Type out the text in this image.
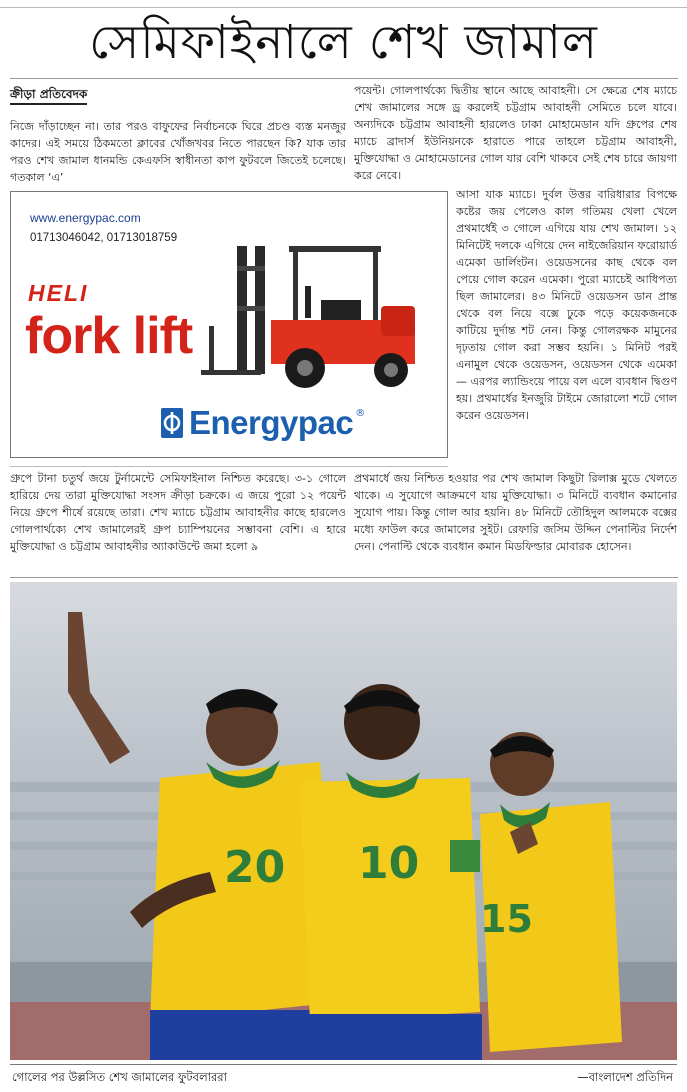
সেমিফাইনালে শেখ জামাল
ক্রীড়া প্রতিবেদক
নিজে দাঁড়াচ্ছেন না। তার পরও বাফুফের নির্বাচনকে ঘিরে প্রচণ্ড ব্যস্ত মনজুর কাদের। এই সময়ে ঠিকমতো ক্লাবের খোঁজখবর নিতে পারছেন কি? যাক তার পরও শেখ জামাল ধানমন্ডি কেএফসি স্বাধীনতা কাপ ফুটবলে জিতেই চলেছে। গতকাল ‘এ’
পয়েন্ট। গোলপার্থক্যে দ্বিতীয় স্থানে আছে আবাহনী। সে ক্ষেত্রে শেষ ম্যাচে শেখ জামালের সঙ্গে ড্র করলেই চট্টগ্রাম আবাহনী সেমিতে চলে যাবে। অন্যদিকে চট্টগ্রাম আবাহনী হারলেও ঢাকা মোহামেডান যদি গ্রুপের শেষ ম্যাচে ব্রাদার্স ইউনিয়নকে হারাতে পারে তাহলে চট্টগ্রাম আবাহনী, মুক্তিযোদ্ধা ও মোহামেডানের গোল যার বেশি থাকবে সেই শেষ চারে জায়গা করে নেবে।
আসা যাক ম্যাচে। দুর্বল উত্তর বারিধারার বিপক্ষে কষ্টের জয় পেলেও কাল গতিময় খেলা খেলে প্রথমার্ধেই ৩ গোলে এগিয়ে যায় শেখ জামাল। ১২ মিনিটেই দলকে এগিয়ে দেন নাইজেরিয়ান ফরোয়ার্ড এমেকা ডার্লিংটন। ওয়েডসনের কাছ থেকে বল পেয়ে গোল করেন এমেকা। পুরো ম্যাচেই আধিপত্য ছিল জামালের। ৪৩ মিনিটে ওয়েডসন ডান প্রান্ত থেকে বল নিয়ে বক্সে ঢুকে পড়ে কয়েকজনকে কাটিয়ে দুর্দান্ত শট নেন। কিন্তু গোলরক্ষক মামুনের দৃঢ়তায় গোল করা সম্ভব হয়নি। ১ মিনিট পরই এনামুল থেকে ওয়েডসন, ওয়েডসন থেকে এমেকা— এরপর ল্যান্ডিংয়ে পায়ে বল এলে ব্যবধান দ্বিগুণ হয়। প্রথমার্ধের ইনজুরি টাইমে জোরালো শটে গোল করেন ওয়েডসন।
www.energypac.com
01713046042, 01713018759
HELI
fork lift
Energypac ®
গ্রুপে টানা চতুর্থ জয়ে টুর্নামেন্টে সেমিফাইনাল নিশ্চিত করেছে। ৩-১ গোলে হারিয়ে দেয় তারা মুক্তিযোদ্ধা সংসদ ক্রীড়া চক্রকে। এ জয়ে পুরো ১২ পয়েন্ট নিয়ে গ্রুপে শীর্ষে রয়েছে তারা। শেখ ম্যাচে চট্টগ্রাম আবাহনীর কাছে হারলেও গোলপার্থক্যে শেখ জামালেরই গ্রুপ চ্যাম্পিয়নের সম্ভাবনা বেশি। এ হারে মুক্তিযোদ্ধা ও চট্টগ্রাম আবাহনীর অ্যাকাউন্টে জমা হলো ৯
প্রথমার্ধে জয় নিশ্চিত হওয়ার পর শেখ জামাল কিছুটা রিলাক্স মুডে খেলতে থাকে। এ সুযোগে আক্রমণে যায় মুক্তিযোদ্ধা। ৩ মিনিটে ব্যবধান কমানোর সুযোগ পায়। কিন্তু গোল আর হয়নি। ৪৮ মিনিটে তৌহিদুল আলমকে বক্সের মধ্যে ফাউল করে জামালের সুইট। রেফারি জসিম উদ্দিন পেনাল্টির নির্দেশ দেন। পেনাল্টি থেকে ব্যবধান কমান মিডফিল্ডার মোবারক হোসেন।
20 10
15
গোলের পর উল্লসিত শেখ জামালের ফুটবলাররা	—বাংলাদেশ প্রতিদিন
